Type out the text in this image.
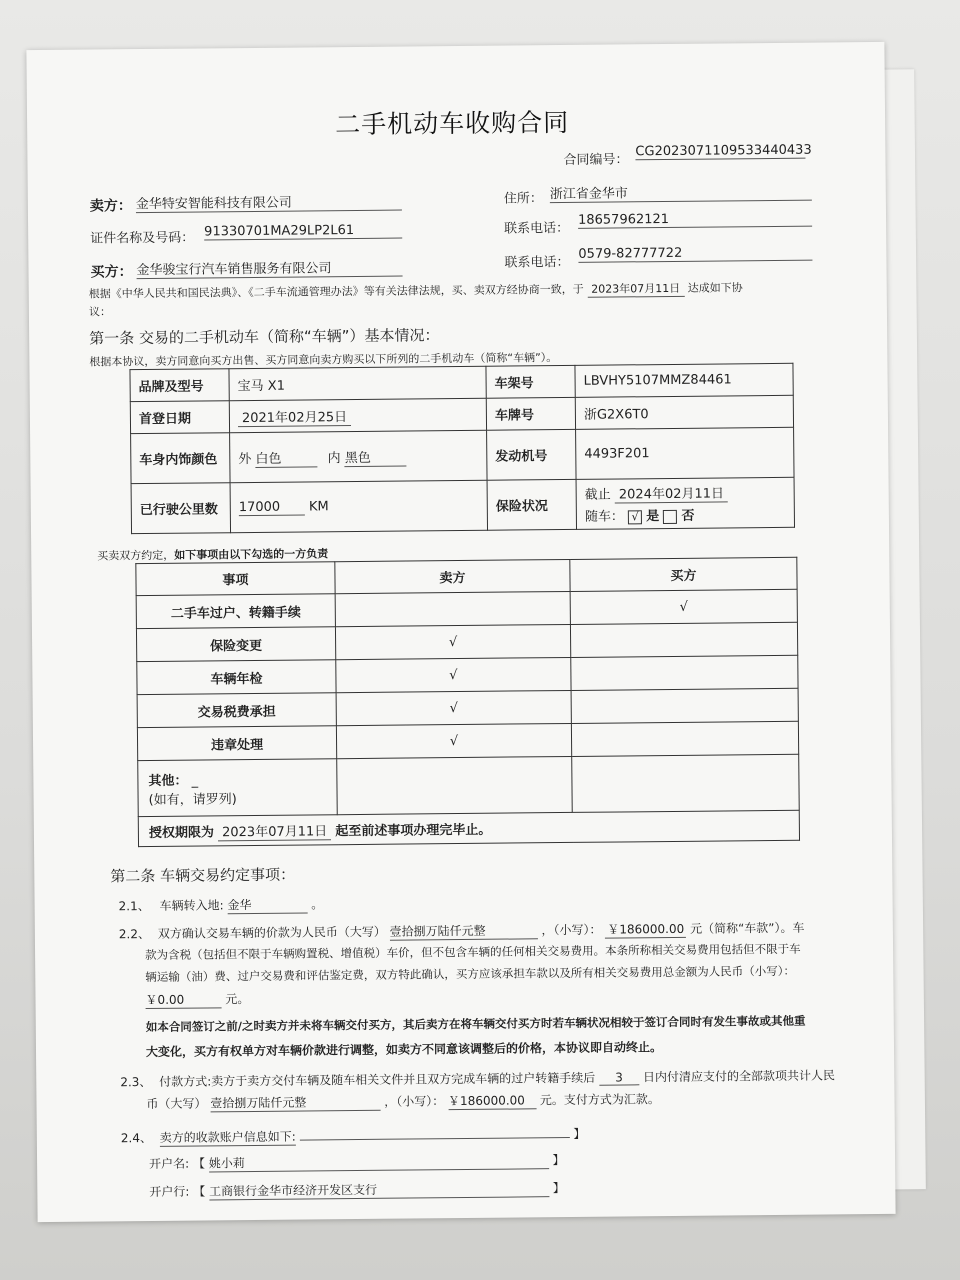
二手机动车收购合同
合同编号：
CG2023071109533440433
卖方： 金华特安智能科技有限公司	住所： 浙江省金华市
证件名称及号码： 91330701MA29LP2L61	联系电话：
18657962121
买方： 金华骏宝行汽车销售服务有限公司	联系电话：
0579-82777722
根据《中华人民共和国民法典》、《二手车流通管理办法》等有关法律法规，买、卖双方经协商一致，于 2023年07月11日 达成如下协
议：
第一条 交易的二手机动车（简称“车辆”）基本情况：
根据本协议，卖方同意向买方出售、买方同意向卖方购买以下所列的二手机动车（简称“车辆”）。
品牌及型号	宝马 X1	车架号	LBVHY5107MMZ84461
首登日期	2021年02月25日	车牌号	浙G2X6T0
车身内饰颜色	外 白色 内 黑色	发动机号	4493F201
已行驶公里数	17000 KM	保险状况	截止 2024年02月11日
随车： √ 是 否
买卖双方约定，如下事项由以下勾选的一方负责
事项	卖方	买方
二手车过户、转籍手续		√
保险变更	√	
车辆年检	√	
交易税费承担	√	
违章处理	√	

其他： _
(如有，请罗列)		

授权期限为 2023年07月11日 起至前述事项办理完毕止。		
第二条 车辆交易约定事项：
2.1、 车辆转入地: 金华	。
2.2、 双方确认交易车辆的价款为人民币（大写） 壹拾捌万陆仟元整	，（小写）： ￥186000.00 元（简称“车款”）。车
款为含税（包括但不限于车辆购置税、增值税）车价，但不包含车辆的任何相关交易费用。本条所称相关交易费用包括但不限于车
辆运输（油）费、过户交易费和评估鉴定费，双方特此确认，买方应该承担车款以及所有相关交易费用总金额为人民币（小写）：
￥0.00	元。
如本合同签订之前/之时卖方并未将车辆交付买方，其后卖方在将车辆交付买方时若车辆状况相较于签订合同时有发生事故或其他重
大变化，买方有权单方对车辆价款进行调整，如卖方不同意该调整后的价格，本协议即自动终止。
2.3、 付款方式:卖方于卖方交付车辆及随车相关文件并且双方完成车辆的过户转籍手续后 3 日内付清应支付的全部款项共计人民
币（大写） 壹拾捌万陆仟元整	，（小写）： ￥186000.00 元。支付方式为汇款。
2.4、 卖方的收款账户信息如下:	】
开户名: 【 姚小莉	】
开户行: 【 工商银行金华市经济开发区支行	】
